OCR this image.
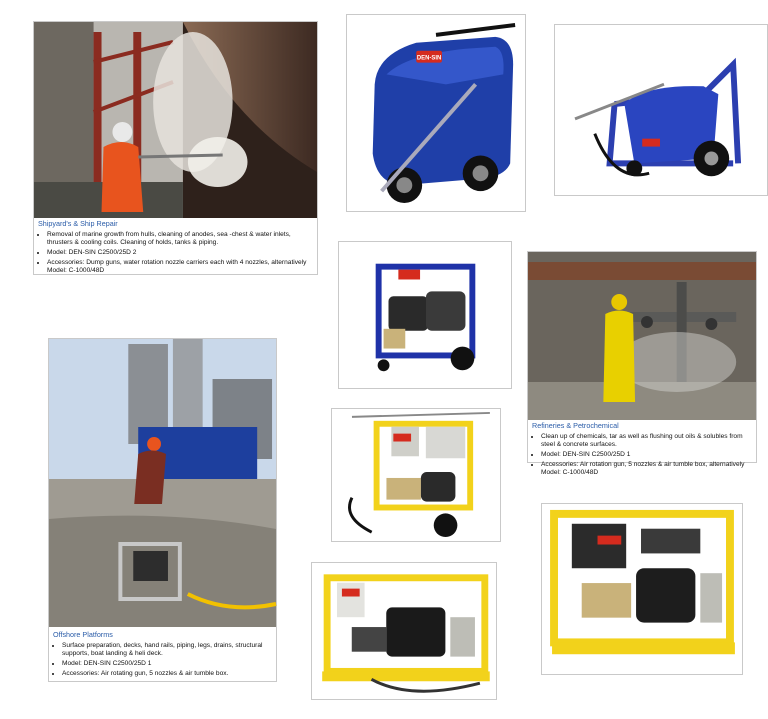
Shipyard's & Ship Repair
• Removal of marine growth from hulls, cleaning of anodes, sea -chest & water inlets, thrusters & cooling coils. Cleaning of holds, tanks & piping.
• Model: DEN-SIN C2500/25D 2
• Accessories: Dump guns, water rotation nozzle carriers each with 4 nozzles, alternatively Model: C-1000/48D
DEN-SIN
Refineries & Petrochemical
• Clean up of chemicals, tar as well as flushing out oils & solubles from steel & concrete surfaces.
• Model: DEN-SIN C2500/25D 1
• Accessories: Air rotation gun, 5 nozzles & air tumble box, alternatively Model: C-1000/48D
Offshore Platforms
• Surface preparation, decks, hand rails, piping, legs, drains, structural supports, boat landing & heli deck.
• Model: DEN-SIN C2500/25D 1
• Accessories: Air rotating gun, 5 nozzles & air tumble box.
